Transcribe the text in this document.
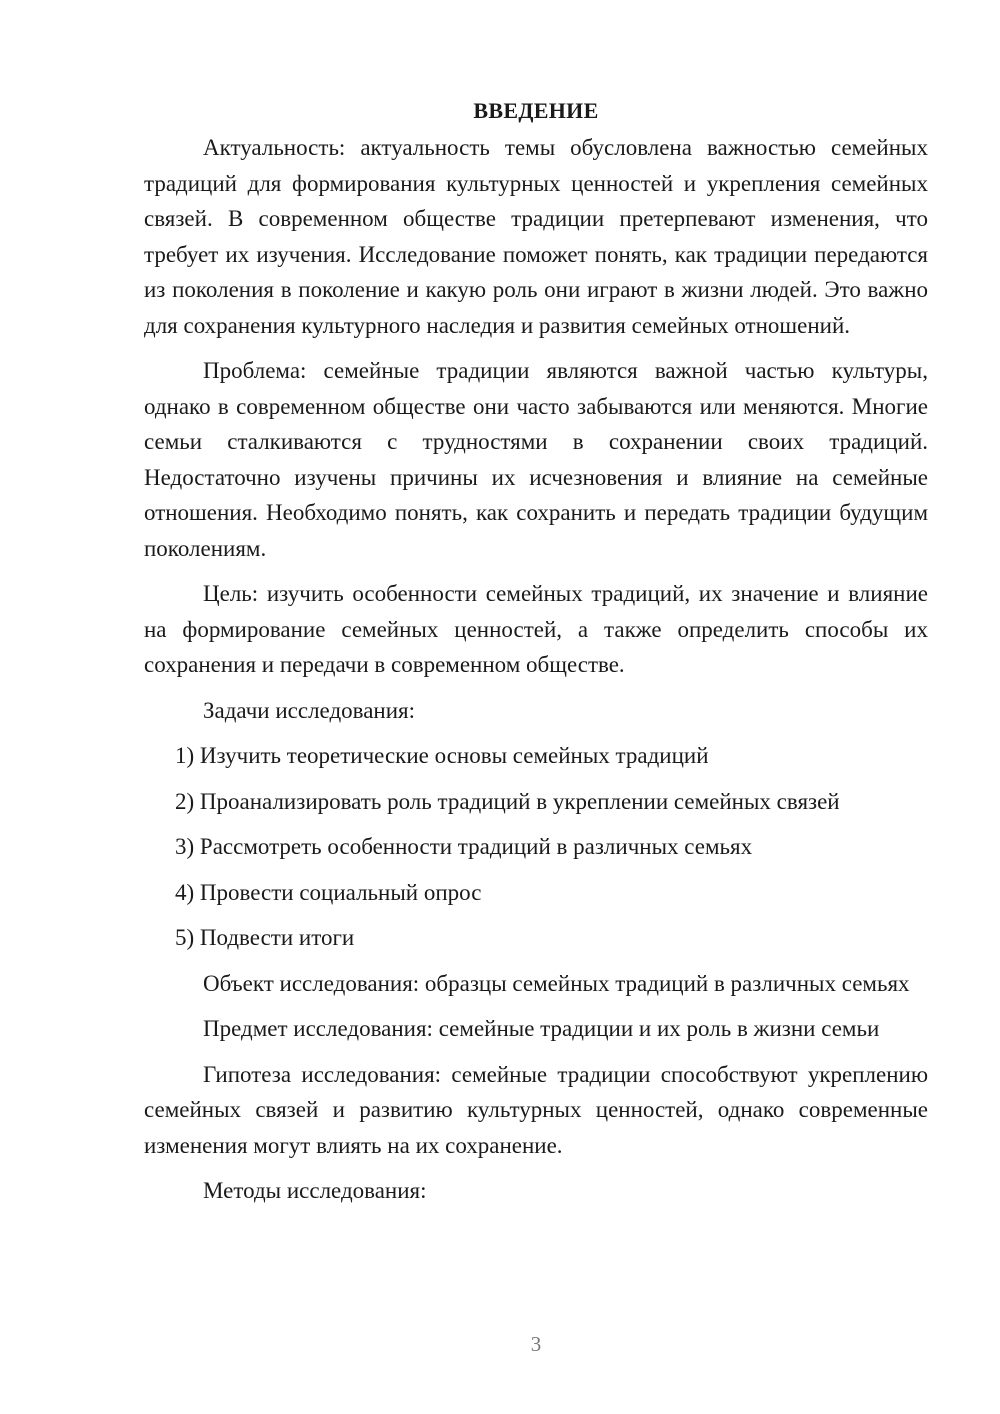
ВВЕДЕНИЕ

Актуальность: актуальность темы обусловлена важностью семейных традиций для формирования культурных ценностей и укрепления семейных связей. В современном обществе традиции претерпевают изменения, что требует их изучения. Исследование поможет понять, как традиции передаются из поколения в поколение и какую роль они играют в жизни людей. Это важно для сохранения культурного наследия и развития семейных отношений.

Проблема: семейные традиции являются важной частью культуры, однако в современном обществе они часто забываются или меняются. Многие семьи сталкиваются с трудностями в сохранении своих традиций. Недостаточно изучены причины их исчезновения и влияние на семейные отношения. Необходимо понять, как сохранить и передать традиции будущим поколениям.

Цель: изучить особенности семейных традиций, их значение и влияние на формирование семейных ценностей, а также определить способы их сохранения и передачи в современном обществе.

Задачи исследования:

1) Изучить теоретические основы семейных традиций
2) Проанализировать роль традиций в укреплении семейных связей
3) Рассмотреть особенности традиций в различных семьях
4) Провести социальный опрос
5) Подвести итоги

Объект исследования: образцы семейных традиций в различных семьях

Предмет исследования: семейные традиции и их роль в жизни семьи

Гипотеза исследования: семейные традиции способствуют укреплению семейных связей и развитию культурных ценностей, однако современные изменения могут влиять на их сохранение.

Методы исследования:

3
